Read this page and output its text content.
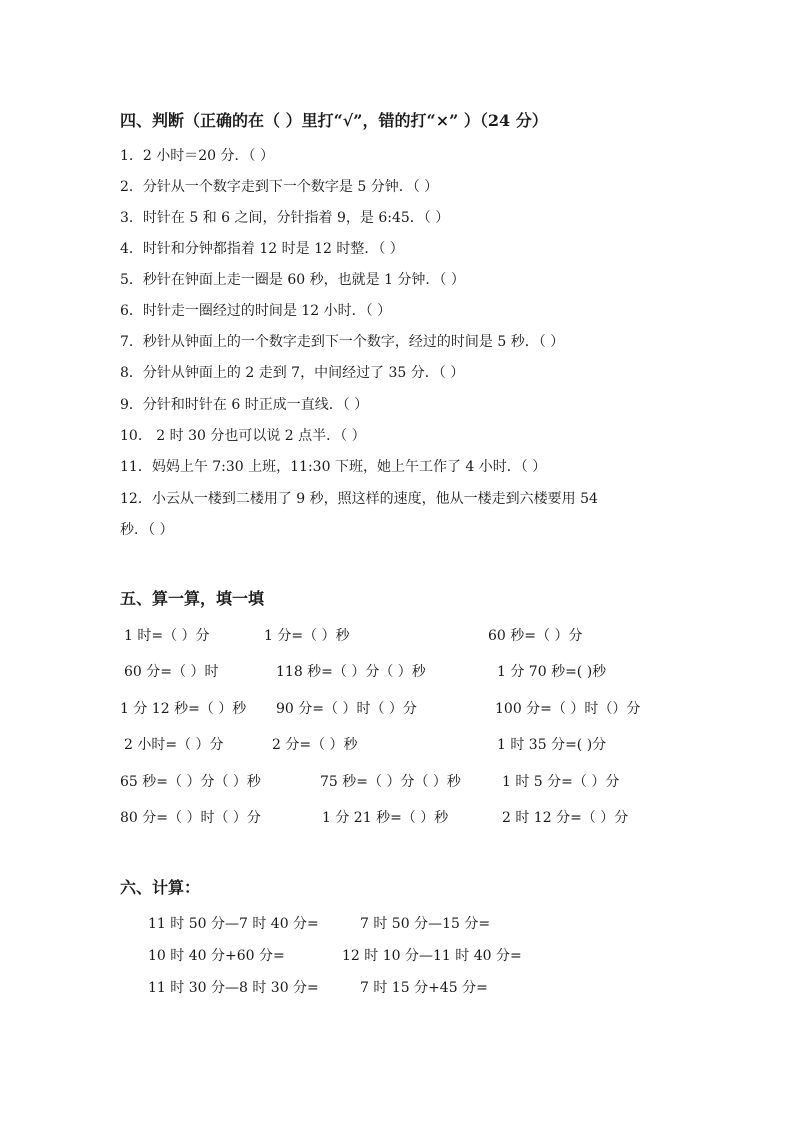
四、判断（正确的在（ ）里打“√”，错的打“×” ）（24 分）
1．2 小时＝20 分．（ ）
2．分针从一个数字走到下一个数字是 5 分钟．（ ）
3．时针在 5 和 6 之间，分针指着 9，是 6:45．（ ）
4．时针和分钟都指着 12 时是 12 时整．（ ）
5．秒针在钟面上走一圈是 60 秒，也就是 1 分钟．（ ）
6．时针走一圈经过的时间是 12 小时．（ ）
7．秒针从钟面上的一个数字走到下一个数字，经过的时间是 5 秒．（ ）
8．分针从钟面上的 2 走到 7，中间经过了 35 分．（ ）
9．分针和时针在 6 时正成一直线．（ ）
10． 2 时 30 分也可以说 2 点半．（ ）
11．妈妈上午 7:30 上班，11:30 下班，她上午工作了 4 小时．（ ）
12．小云从一楼到二楼用了 9 秒，照这样的速度，他从一楼走到六楼要用 54
秒．（ ）
五、算一算，填一填
1 时=（ ）分	1 分=（ ）秒	60 秒=（ ）分
60 分=（ ）时	118 秒=（ ）分（ ）秒	1 分 70 秒=( )秒
1 分 12 秒=（ ）秒 90 分=（ ）时（ ）分	100 分=（ ）时（）分
2 小时=（ ）分	2 分=（ ）秒	1 时 35 分=( )分
65 秒=（ ）分（ ）秒	75 秒=（ ）分（ ）秒	1 时 5 分=（ ）分
80 分=（ ）时（ ）分	1 分 21 秒=（ ）秒	2 时 12 分=（ ）分
六、计算：
11 时 50 分—7 时 40 分=	7 时 50 分—15 分=
10 时 40 分+60 分=	12 时 10 分—11 时 40 分=
11 时 30 分—8 时 30 分=	7 时 15 分+45 分=
